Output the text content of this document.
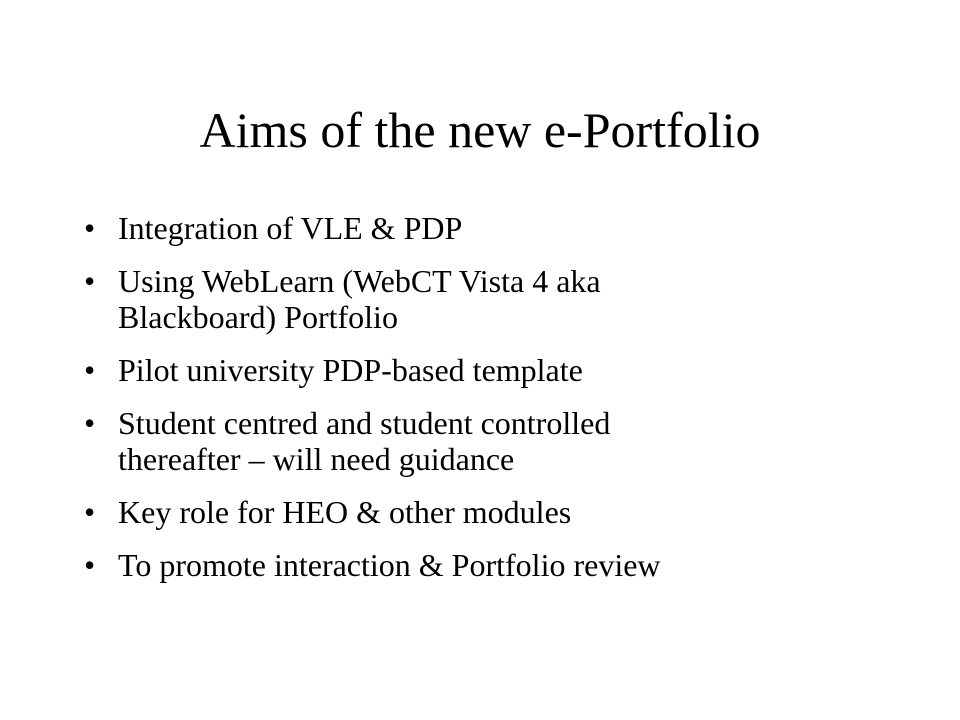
Aims of the new e-Portfolio
• Integration of VLE & PDP
• Using WebLearn (WebCT Vista 4 aka
Blackboard) Portfolio
• Pilot university PDP-based template
• Student centred and student controlled
thereafter – will need guidance
• Key role for HEO & other modules
• To promote interaction & Portfolio review
